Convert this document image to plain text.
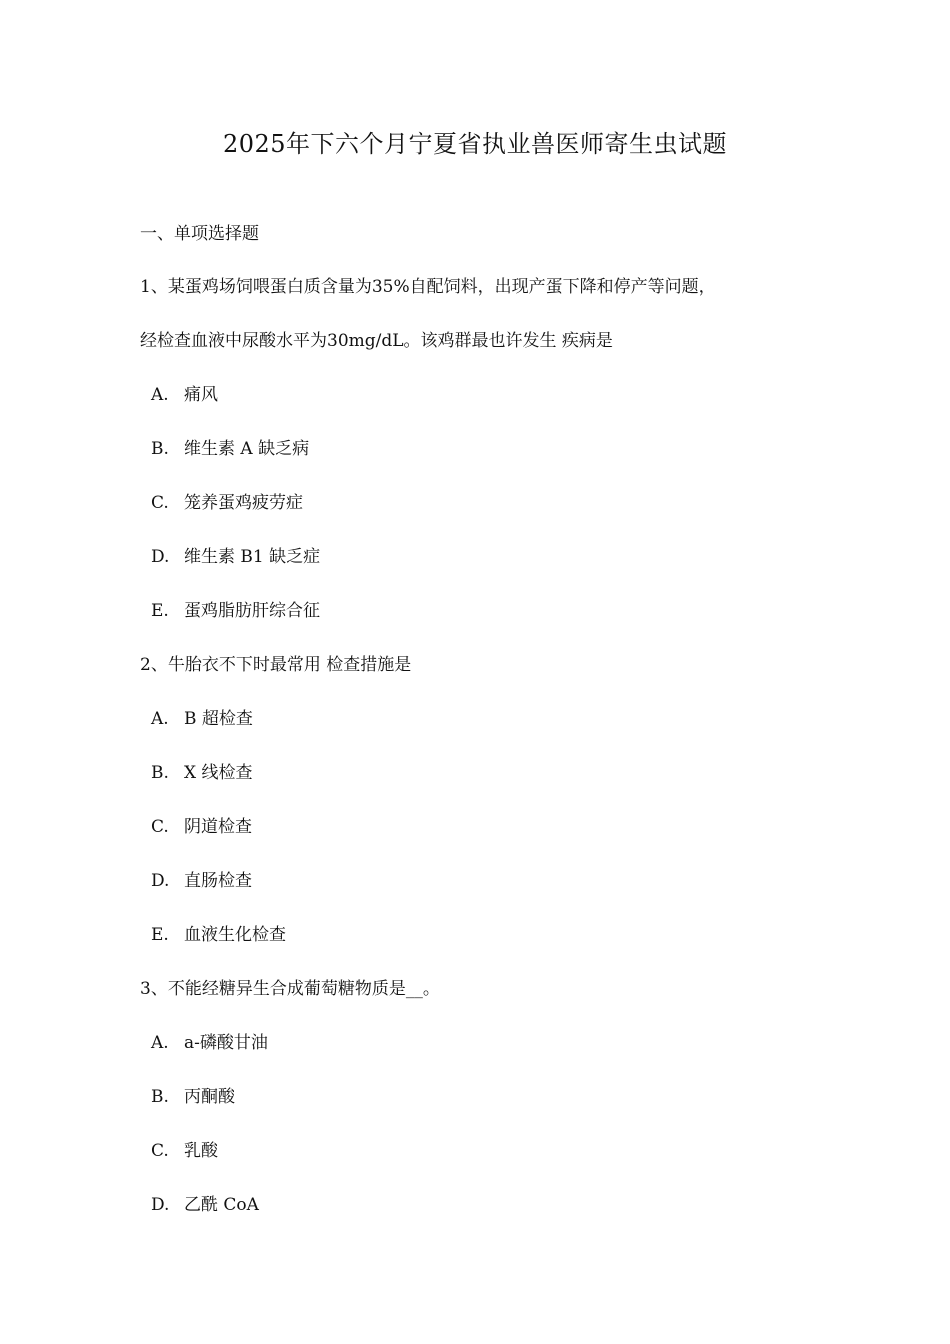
2025年下六个月宁夏省执业兽医师寄生虫试题
一、单项选择题
1、某蛋鸡场饲喂蛋白质含量为35%自配饲料，出现产蛋下降和停产等问题，
经检查血液中尿酸水平为30mg/dL。该鸡群最也许发生 疾病是
A. 痛风
B. 维生素 A 缺乏病
C. 笼养蛋鸡疲劳症
D. 维生素 B1 缺乏症
E. 蛋鸡脂肪肝综合征
2、牛胎衣不下时最常用 检查措施是
A. B 超检查
B. X 线检查
C. 阴道检查
D. 直肠检查
E. 血液生化检查
3、不能经糖异生合成葡萄糖物质是__。
A. a-磷酸甘油
B. 丙酮酸
C. 乳酸
D. 乙酰 CoA
